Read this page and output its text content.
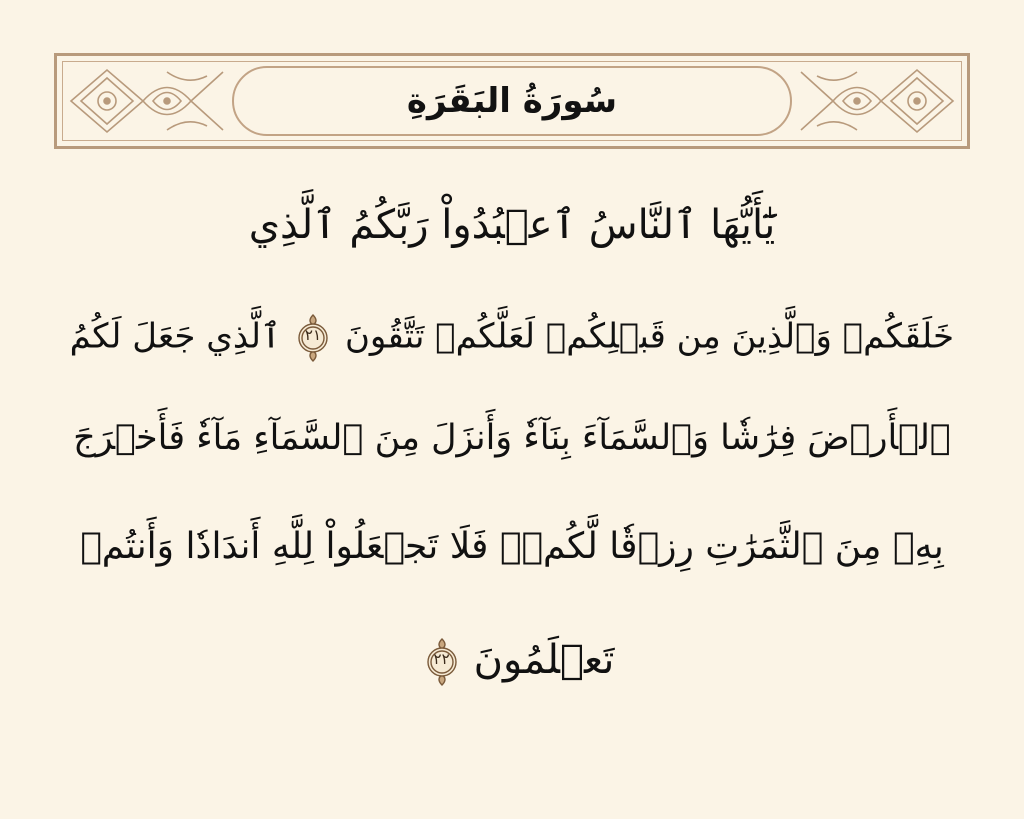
سُورَةُ البَقَرَةِ
يَٰٓأَيُّهَا ٱلنَّاسُ ٱعۡبُدُواْ رَبَّكُمُ ٱلَّذِي
خَلَقَكُمۡ وَٱلَّذِينَ مِن قَبۡلِكُمۡ لَعَلَّكُمۡ تَتَّقُونَ
٢١
ٱلَّذِي جَعَلَ لَكُمُ
ٱلۡأَرۡضَ فِرَٰشٗا وَٱلسَّمَآءَ بِنَآءٗ وَأَنزَلَ مِنَ ٱلسَّمَآءِ مَآءٗ فَأَخۡرَجَ
بِهِۦ مِنَ ٱلثَّمَرَٰتِ رِزۡقٗا لَّكُمۡۖ فَلَا تَجۡعَلُواْ لِلَّهِ أَندَادٗا وَأَنتُمۡ
تَعۡلَمُونَ
٢٢
